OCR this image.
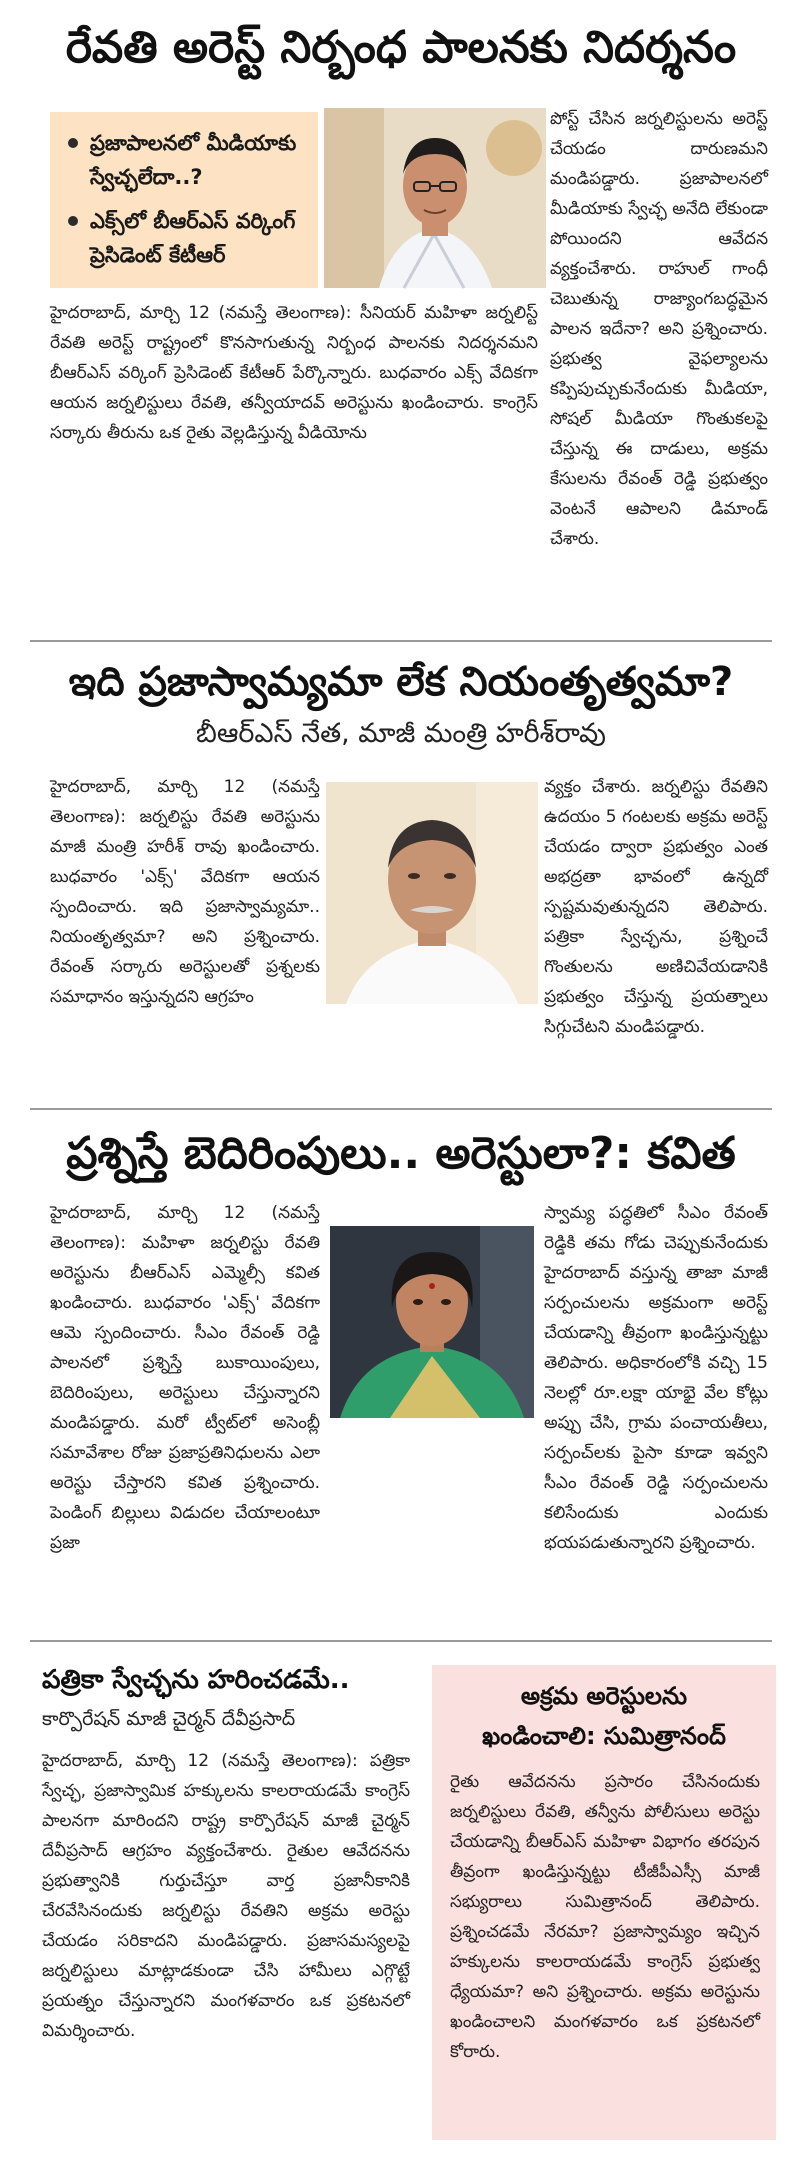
రేవతి అరెస్ట్ నిర్బంధ పాలనకు నిదర్శనం
ప్రజాపాలనలో మీడియాకు స్వేచ్ఛలేదా..?
ఎక్స్‌లో బీఆర్‌ఎస్ వర్కింగ్ ప్రెసిడెంట్ కేటీఆర్
పోస్ట్ చేసిన జర్నలిస్టులను అరెస్ట్ చేయడం దారుణమని మండిపడ్డారు. ప్రజాపాలనలో మీడియాకు స్వేచ్ఛ అనేది లేకుండా పోయిందని ఆవేదన వ్యక్తంచేశారు. రాహుల్ గాంధీ చెబుతున్న రాజ్యాంగబద్ధమైన పాలన ఇదేనా? అని ప్రశ్నించారు. ప్రభుత్వ వైఫల్యాలను కప్పిపుచ్చుకునేందుకు మీడియా, సోషల్ మీడియా గొంతుకలపై చేస్తున్న ఈ దాడులు, అక్రమ కేసులను రేవంత్ రెడ్డి ప్రభుత్వం వెంటనే ఆపాలని డిమాండ్ చేశారు.
హైదరాబాద్, మార్చి 12 (నమస్తే తెలంగాణ): సీనియర్ మహిళా జర్నలిస్ట్ రేవతి అరెస్ట్ రాష్ట్రంలో కొనసాగుతున్న నిర్బంధ పాలనకు నిదర్శనమని బీఆర్‌ఎస్ వర్కింగ్ ప్రెసిడెంట్ కేటీఆర్ పేర్కొన్నారు. బుధవారం ఎక్స్ వేదికగా ఆయన జర్నలిస్టులు రేవతి, తన్వీయాదవ్ అరెస్టును ఖండించారు. కాంగ్రెస్ సర్కారు తీరును ఒక రైతు వెల్లడిస్తున్న వీడియోను
ఇది ప్రజాస్వామ్యమా లేక నియంతృత్వమా?
బీఆర్‌ఎస్ నేత, మాజీ మంత్రి హరీశ్‌రావు
హైదరాబాద్, మార్చి 12 (నమస్తే తెలంగాణ): జర్నలిస్టు రేవతి అరెస్టును మాజీ మంత్రి హరీశ్ రావు ఖండించారు. బుధవారం 'ఎక్స్' వేదికగా ఆయన స్పందించారు. ఇది ప్రజాస్వామ్యమా.. నియంతృత్వమా? అని ప్రశ్నించారు. రేవంత్ సర్కారు అరెస్టులతో ప్రశ్నలకు సమాధానం ఇస్తున్నదని ఆగ్రహం
వ్యక్తం చేశారు. జర్నలిస్టు రేవతిని ఉదయం 5 గంటలకు అక్రమ అరెస్ట్ చేయడం ద్వారా ప్రభుత్వం ఎంత అభద్రతా భావంలో ఉన్నదో స్పష్టమవుతున్నదని తెలిపారు. పత్రికా స్వేచ్ఛను, ప్రశ్నించే గొంతులను అణిచివేయడానికి ప్రభుత్వం చేస్తున్న ప్రయత్నాలు సిగ్గుచేటని మండిపడ్డారు.
ప్రశ్నిస్తే బెదిరింపులు.. అరెస్టులా?: కవిత
హైదరాబాద్, మార్చి 12 (నమస్తే తెలంగాణ): మహిళా జర్నలిస్టు రేవతి అరెస్టును బీఆర్‌ఎస్ ఎమ్మెల్సీ కవిత ఖండించారు. బుధవారం 'ఎక్స్' వేదికగా ఆమె స్పందించారు. సీఎం రేవంత్ రెడ్డి పాలనలో ప్రశ్నిస్తే బుకాయింపులు, బెదిరింపులు, అరెస్టులు చేస్తున్నారని మండిపడ్డారు. మరో ట్వీట్‌లో అసెంబ్లీ సమావేశాల రోజు ప్రజాప్రతినిధులను ఎలా అరెస్టు చేస్తారని కవిత ప్రశ్నించారు. పెండింగ్ బిల్లులు విడుదల చేయాలంటూ ప్రజా
స్వామ్య పద్ధతిలో సీఎం రేవంత్ రెడ్డికి తమ గోడు చెప్పుకునేందుకు హైదరాబాద్ వస్తున్న తాజా మాజీ సర్పంచులను అక్రమంగా అరెస్ట్ చేయడాన్ని తీవ్రంగా ఖండిస్తున్నట్టు తెలిపారు. అధికారంలోకి వచ్చి 15 నెలల్లో రూ.లక్షా యాభై వేల కోట్లు అప్పు చేసి, గ్రామ పంచాయతీలు, సర్పంచ్‌లకు పైసా కూడా ఇవ్వని సీఎం రేవంత్ రెడ్డి సర్పంచులను కలిసేందుకు ఎందుకు భయపడుతున్నారని ప్రశ్నించారు.
పత్రికా స్వేచ్ఛను హరించడమే..
కార్పొరేషన్ మాజీ చైర్మన్ దేవీప్రసాద్
హైదరాబాద్, మార్చి 12 (నమస్తే తెలంగాణ): పత్రికా స్వేచ్ఛ, ప్రజాస్వామిక హక్కులను కాలరాయడమే కాంగ్రెస్ పాలనగా మారిందని రాష్ట్ర కార్పొరేషన్ మాజీ చైర్మన్ దేవీప్రసాద్ ఆగ్రహం వ్యక్తంచేశారు. రైతుల ఆవేదనను ప్రభుత్వానికి గుర్తుచేస్తూ వార్త ప్రజానీకానికి చేరవేసినందుకు జర్నలిస్టు రేవతిని అక్రమ అరెస్టు చేయడం సరికాదని మండిపడ్డారు. ప్రజాసమస్యలపై జర్నలిస్టులు మాట్లాడకుండా చేసి హామీలు ఎగ్గొట్టే ప్రయత్నం చేస్తున్నారని మంగళవారం ఒక ప్రకటనలో విమర్శించారు.
అక్రమ అరెస్టులను
ఖండించాలి: సుమిత్రానంద్
రైతు ఆవేదనను ప్రసారం చేసినందుకు జర్నలిస్టులు రేవతి, తన్వీను పోలీసులు అరెస్టు చేయడాన్ని బీఆర్‌ఎస్ మహిళా విభాగం తరపున తీవ్రంగా ఖండిస్తున్నట్టు టీజీపీఎస్సీ మాజీ సభ్యురాలు సుమిత్రానంద్ తెలిపారు. ప్రశ్నించడమే నేరమా? ప్రజాస్వామ్యం ఇచ్చిన హక్కులను కాలరాయడమే కాంగ్రెస్ ప్రభుత్వ ధ్యేయమా? అని ప్రశ్నించారు. అక్రమ అరెస్టును ఖండించాలని మంగళవారం ఒక ప్రకటనలో కోరారు.
